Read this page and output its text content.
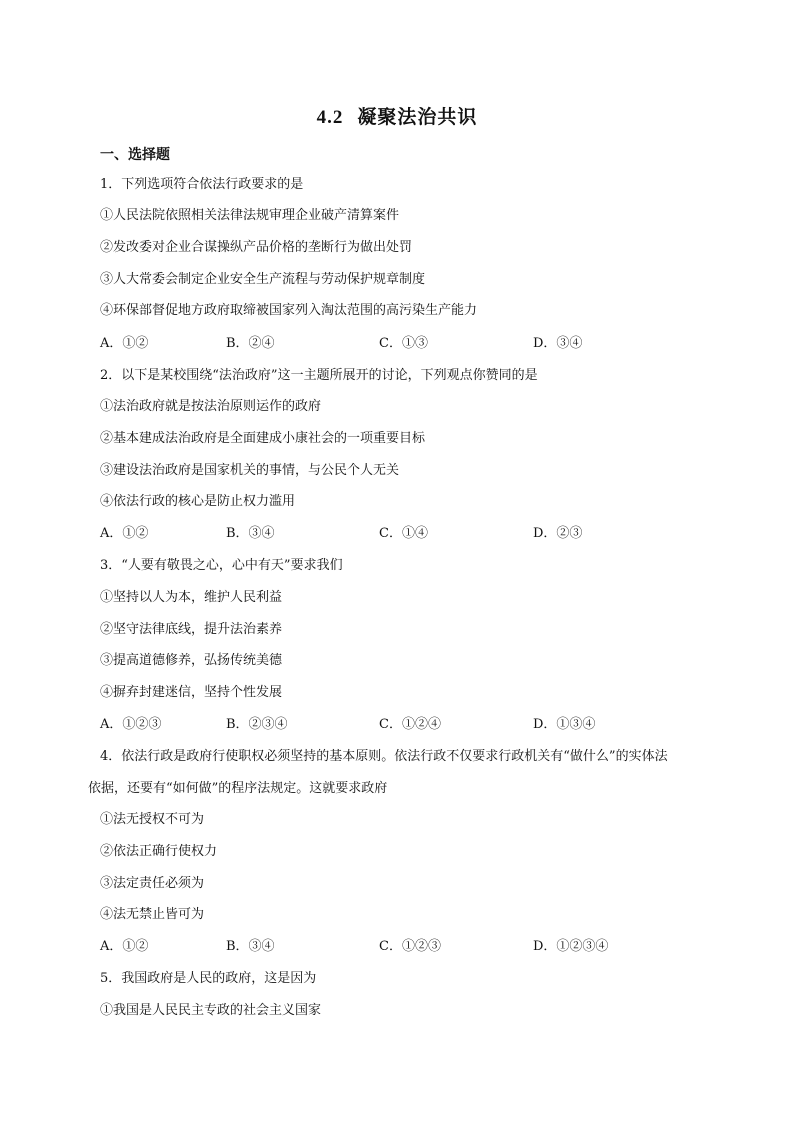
4.2 凝聚法治共识
一、选择题
1．下列选项符合依法行政要求的是
①人民法院依照相关法律法规审理企业破产清算案件
②发改委对企业合谋操纵产品价格的垄断行为做出处罚
③人大常委会制定企业安全生产流程与劳动保护规章制度
④环保部督促地方政府取缔被国家列入淘汰范围的高污染生产能力
A．①②	B．②④	C．①③	D．③④
2．以下是某校围绕“法治政府”这一主题所展开的讨论，下列观点你赞同的是
①法治政府就是按法治原则运作的政府
②基本建成法治政府是全面建成小康社会的一项重要目标
③建设法治政府是国家机关的事情，与公民个人无关
④依法行政的核心是防止权力滥用
A．①②	B．③④	C．①④	D．②③
3．“人要有敬畏之心，心中有天”要求我们
①坚持以人为本，维护人民利益
②坚守法律底线，提升法治素养
③提高道德修养，弘扬传统美德
④摒弃封建迷信，坚持个性发展
A．①②③	B．②③④	C．①②④	D．①③④
4．依法行政是政府行使职权必须坚持的基本原则。依法行政不仅要求行政机关有“做什么”的实体法
依据，还要有“如何做”的程序法规定。这就要求政府
①法无授权不可为
②依法正确行使权力
③法定责任必须为
④法无禁止皆可为
A．①②	B．③④	C．①②③	D．①②③④
5．我国政府是人民的政府，这是因为
①我国是人民民主专政的社会主义国家
